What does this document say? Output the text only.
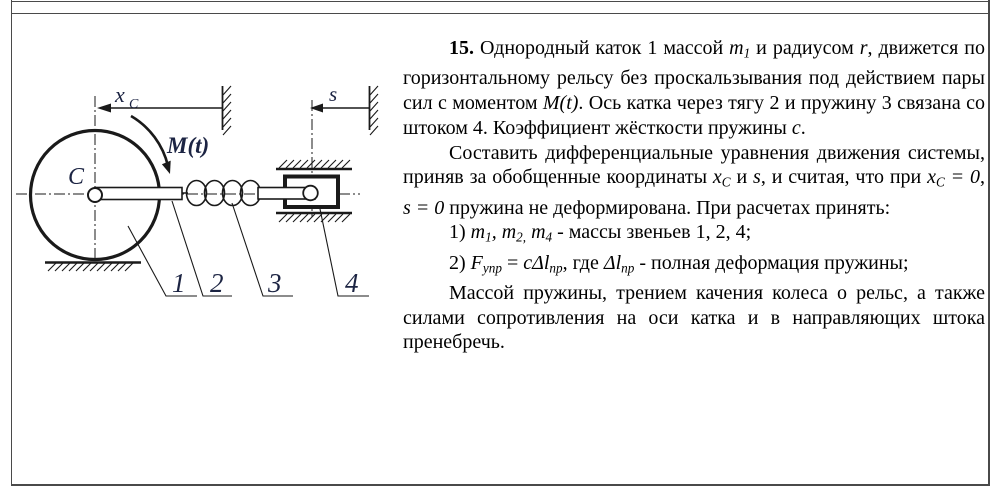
x C	s
M(t)
C
1 2 3 4

15. Однородный каток 1 массой m1 и радиусом r, движется по горизонтальному рельсу без проскальзывания под действием пары сил с моментом M(t). Ось катка через тягу 2 и пружину 3 связана со штоком 4. Коэффициент жёсткости пружины c.

Составить дифференциальные уравнения движения системы, приняв за обобщенные координаты xC и s, и считая, что при xC = 0, s = 0 пружина не деформирована. При расчетах принять:

1) m1, m2, m4 - массы звеньев 1, 2, 4;

2) Fупр = cΔlпр, где Δlпр - полная деформация пружины;

Массой пружины, трением качения колеса о рельс, а также силами сопротивления на оси катка и в направляющих штока пренебречь.
